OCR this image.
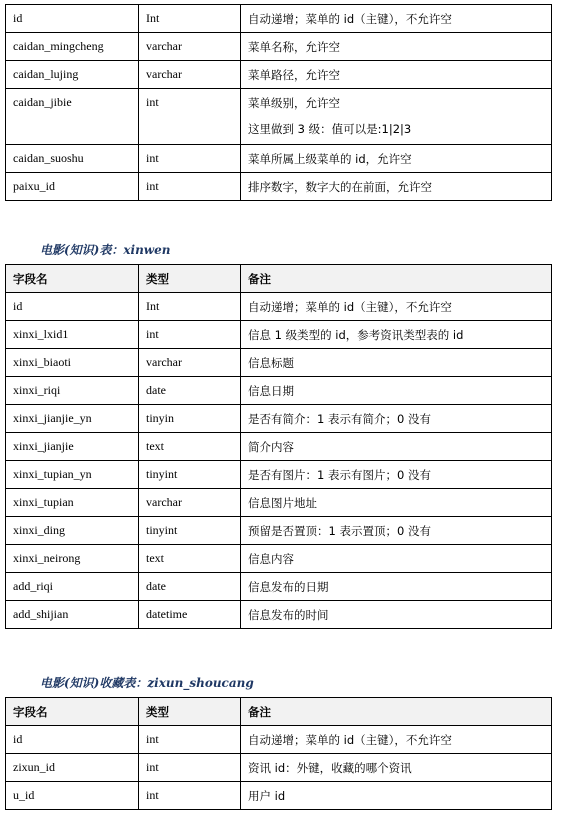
id	Int	自动递增；菜单的 id（主键），不允许空
caidan_mingcheng	varchar	菜单名称，允许空
caidan_lujing	varchar	菜单路径，允许空
caidan_jibie	int	菜单级别，允许空
这里做到 3 级：值可以是:1|2|3

caidan_suoshu	int	菜单所属上级菜单的 id，允许空
paixu_id	int	排序数字，数字大的在前面，允许空
电影(知识)表：xinwen
字段名	类型	备注
id	Int	自动递增；菜单的 id（主键），不允许空
xinxi_lxid1	int	信息 1 级类型的 id，参考资讯类型表的 id
xinxi_biaoti	varchar	信息标题
xinxi_riqi	date	信息日期
xinxi_jianjie_yn	tinyin	是否有简介：1 表示有简介；0 没有
xinxi_jianjie	text	简介内容
xinxi_tupian_yn	tinyint	是否有图片：1 表示有图片；0 没有
xinxi_tupian	varchar	信息图片地址
xinxi_ding	tinyint	预留是否置顶：1 表示置顶；0 没有
xinxi_neirong	text	信息内容
add_riqi	date	信息发布的日期
add_shijian	datetime	信息发布的时间
电影(知识)收藏表：zixun_shoucang
字段名	类型	备注
id	int	自动递增；菜单的 id（主键），不允许空
zixun_id	int	资讯 id：外键，收藏的哪个资讯
u_id	int	用户 id
